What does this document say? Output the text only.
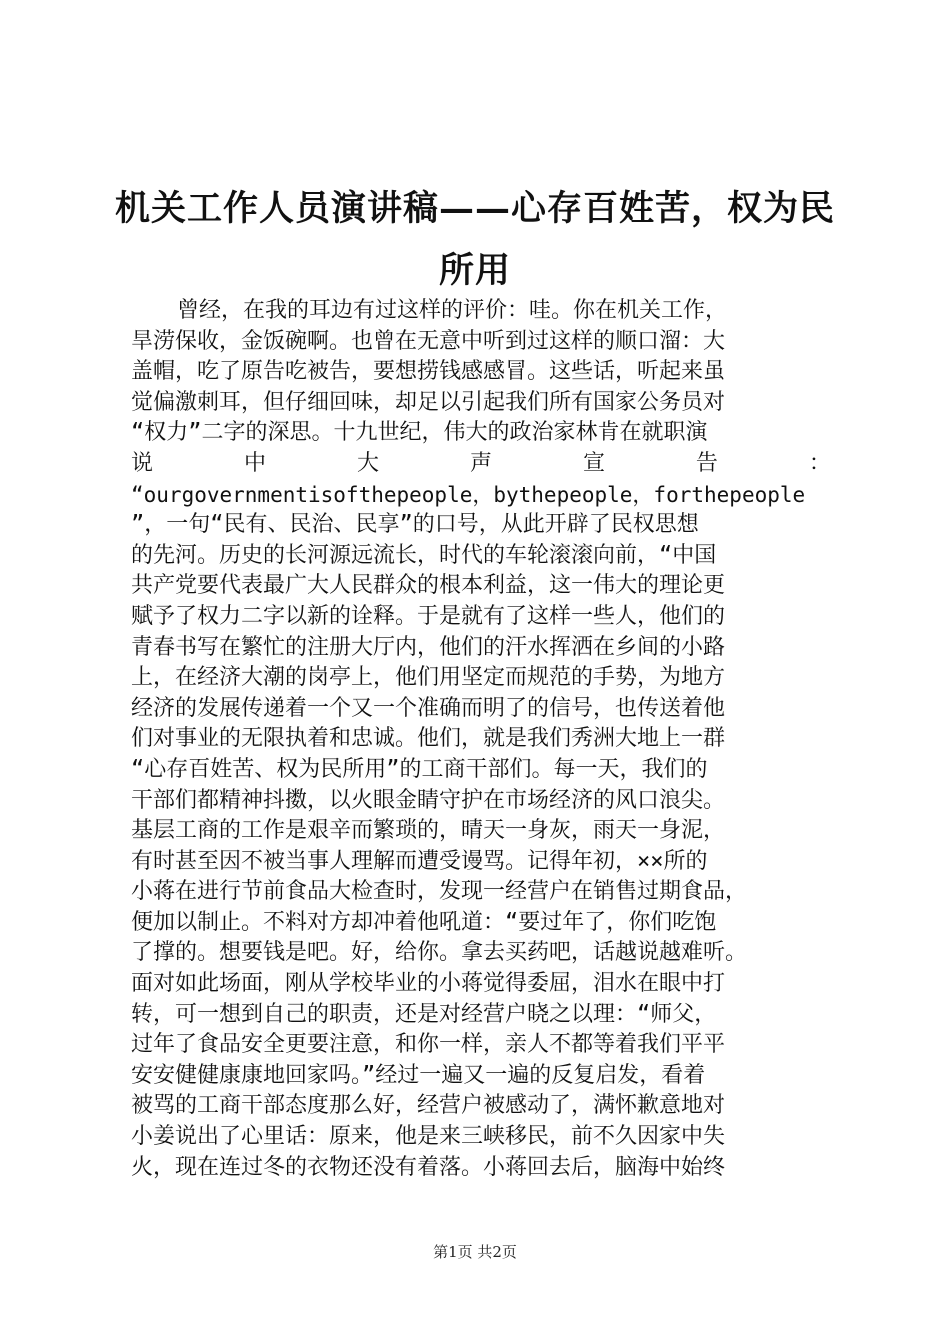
机关工作人员演讲稿——心存百姓苦，权为民
所用
曾经，在我的耳边有过这样的评价：哇。你在机关工作，
旱涝保收，金饭碗啊。也曾在无意中听到过这样的顺口溜：大
盖帽，吃了原告吃被告，要想捞钱感感冒。这些话，听起来虽
觉偏激刺耳，但仔细回味，却足以引起我们所有国家公务员对
“权力”二字的深思。十九世纪，伟大的政治家林肯在就职演
说	中	大	声	宣	告	：
“ourgovernmentisofthepeople，bythepeople，forthepeople
”，一句“民有、民治、民享”的口号，从此开辟了民权思想
的先河。历史的长河源远流长，时代的车轮滚滚向前，“中国
共产党要代表最广大人民群众的根本利益，这一伟大的理论更
赋予了权力二字以新的诠释。于是就有了这样一些人，他们的
青春书写在繁忙的注册大厅内，他们的汗水挥洒在乡间的小路
上，在经济大潮的岗亭上，他们用坚定而规范的手势，为地方
经济的发展传递着一个又一个准确而明了的信号，也传送着他
们对事业的无限执着和忠诚。他们，就是我们秀洲大地上一群
“心存百姓苦、权为民所用”的工商干部们。每一天，我们的
干部们都精神抖擞，以火眼金睛守护在市场经济的风口浪尖。
基层工商的工作是艰辛而繁琐的，晴天一身灰，雨天一身泥，
有时甚至因不被当事人理解而遭受谩骂。记得年初，××所的
小蒋在进行节前食品大检查时，发现一经营户在销售过期食品，
便加以制止。不料对方却冲着他吼道：“要过年了，你们吃饱
了撑的。想要钱是吧。好，给你。拿去买药吧，话越说越难听。
面对如此场面，刚从学校毕业的小蒋觉得委屈，泪水在眼中打
转，可一想到自己的职责，还是对经营户晓之以理：“师父，
过年了食品安全更要注意，和你一样，亲人不都等着我们平平
安安健健康康地回家吗。”经过一遍又一遍的反复启发，看着
被骂的工商干部态度那么好，经营户被感动了，满怀歉意地对
小姜说出了心里话：原来，他是来三峡移民，前不久因家中失
火，现在连过冬的衣物还没有着落。小蒋回去后，脑海中始终
第1页 共2页
